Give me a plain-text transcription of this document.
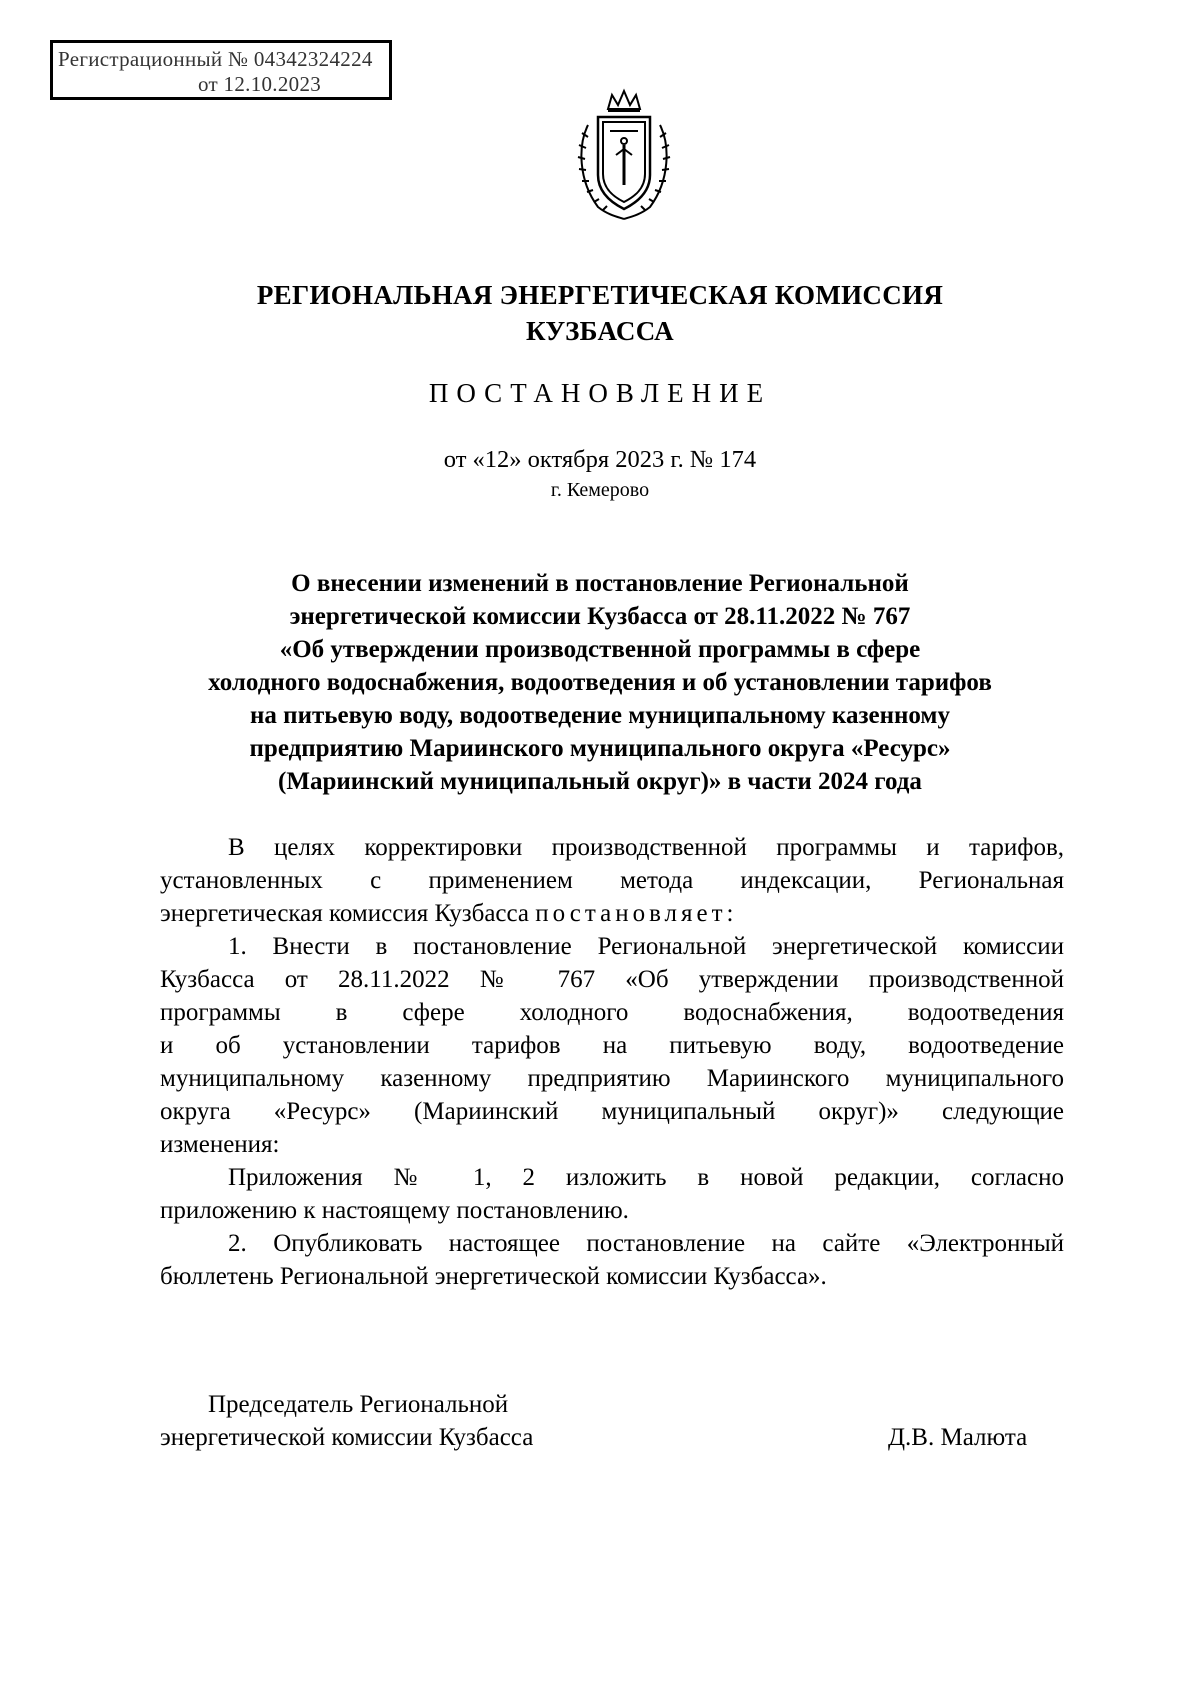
Регистрационный № 04342324224
от 12.10.2023
РЕГИОНАЛЬНАЯ ЭНЕРГЕТИЧЕСКАЯ КОМИССИЯ
КУЗБАССА
ПОСТАНОВЛЕНИЕ
от «12» октября 2023 г. № 174
г. Кемерово
О внесении изменений в постановление Региональной
энергетической комиссии Кузбасса от 28.11.2022 № 767
«Об утверждении производственной программы в сфере
холодного водоснабжения, водоотведения и об установлении тарифов
на питьевую воду, водоотведение муниципальному казенному
предприятию Мариинского муниципального округа «Ресурс»
(Мариинский муниципальный округ)» в части 2024 года
В целях корректировки производственной программы и тарифов,
установленных с применением метода индексации, Региональная
энергетическая комиссия Кузбасса постановляет:
1. Внести в постановление Региональной энергетической комиссии
Кузбасса от 28.11.2022 № 767 «Об утверждении производственной
программы в сфере холодного водоснабжения, водоотведения
и об установлении тарифов на питьевую воду, водоотведение
муниципальному казенному предприятию Мариинского муниципального
округа «Ресурс» (Мариинский муниципальный округ)» следующие
изменения:
Приложения № 1, 2 изложить в новой редакции, согласно
приложению к настоящему постановлению.
2. Опубликовать настоящее постановление на сайте «Электронный
бюллетень Региональной энергетической комиссии Кузбасса».
Председатель Региональной
энергетической комиссии Кузбасса	Д.В. Малюта
